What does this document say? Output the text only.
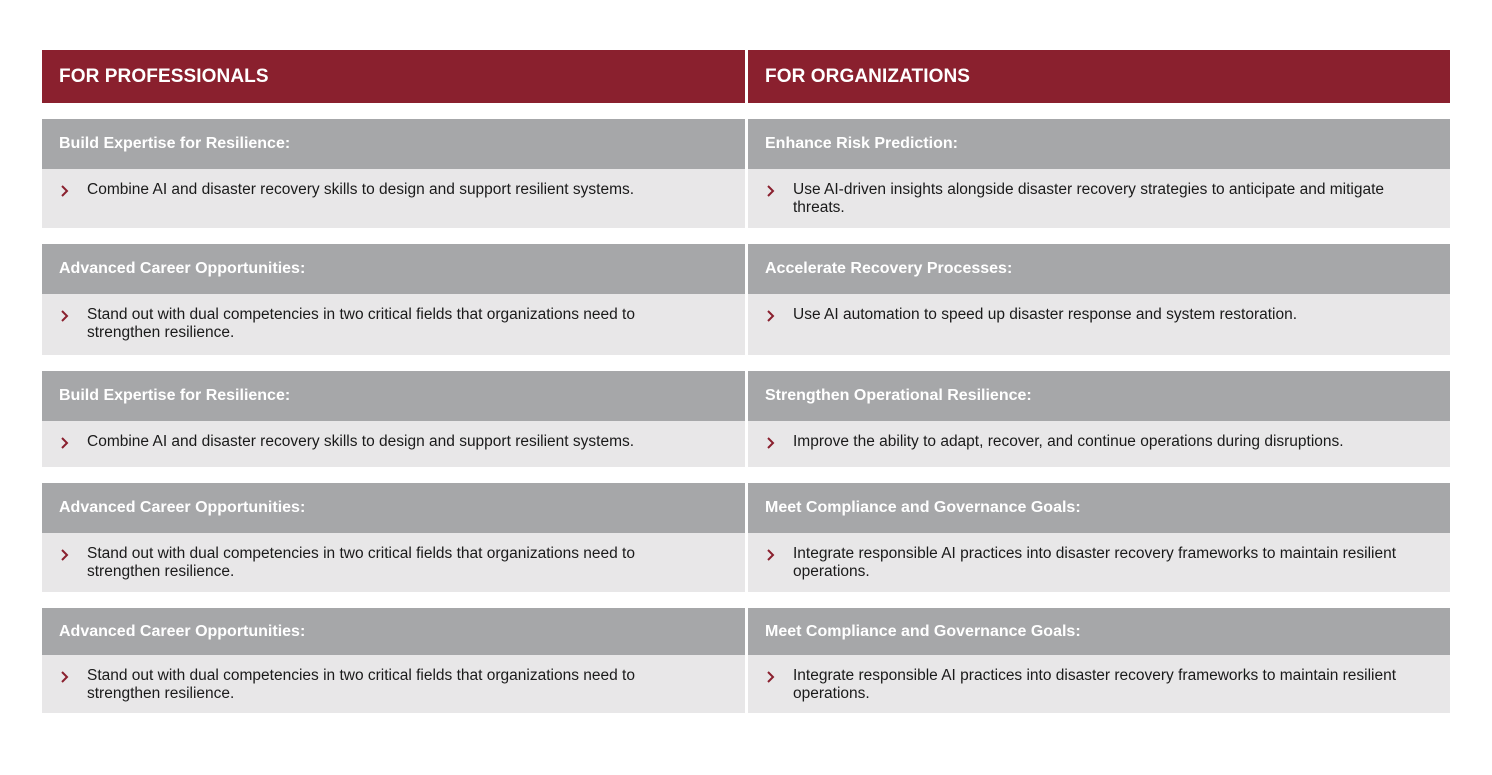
FOR PROFESSIONALS	FOR ORGANIZATIONS
Build Expertise for Resilience:
Combine AI and disaster recovery skills to design and support resilient systems.
Enhance Risk Prediction:
Use AI-driven insights alongside disaster recovery strategies to anticipate and mitigate threats.
Advanced Career Opportunities:
Stand out with dual competencies in two critical fields that organizations need to strengthen resilience.
Accelerate Recovery Processes:
Use AI automation to speed up disaster response and system restoration.
Build Expertise for Resilience:
Combine AI and disaster recovery skills to design and support resilient systems.
Strengthen Operational Resilience:
Improve the ability to adapt, recover, and continue operations during disruptions.
Advanced Career Opportunities:
Stand out with dual competencies in two critical fields that organizations need to strengthen resilience.
Meet Compliance and Governance Goals:
Integrate responsible AI practices into disaster recovery frameworks to maintain resilient operations.
Advanced Career Opportunities:
Stand out with dual competencies in two critical fields that organizations need to strengthen resilience.
Meet Compliance and Governance Goals:
Integrate responsible AI practices into disaster recovery frameworks to maintain resilient operations.
